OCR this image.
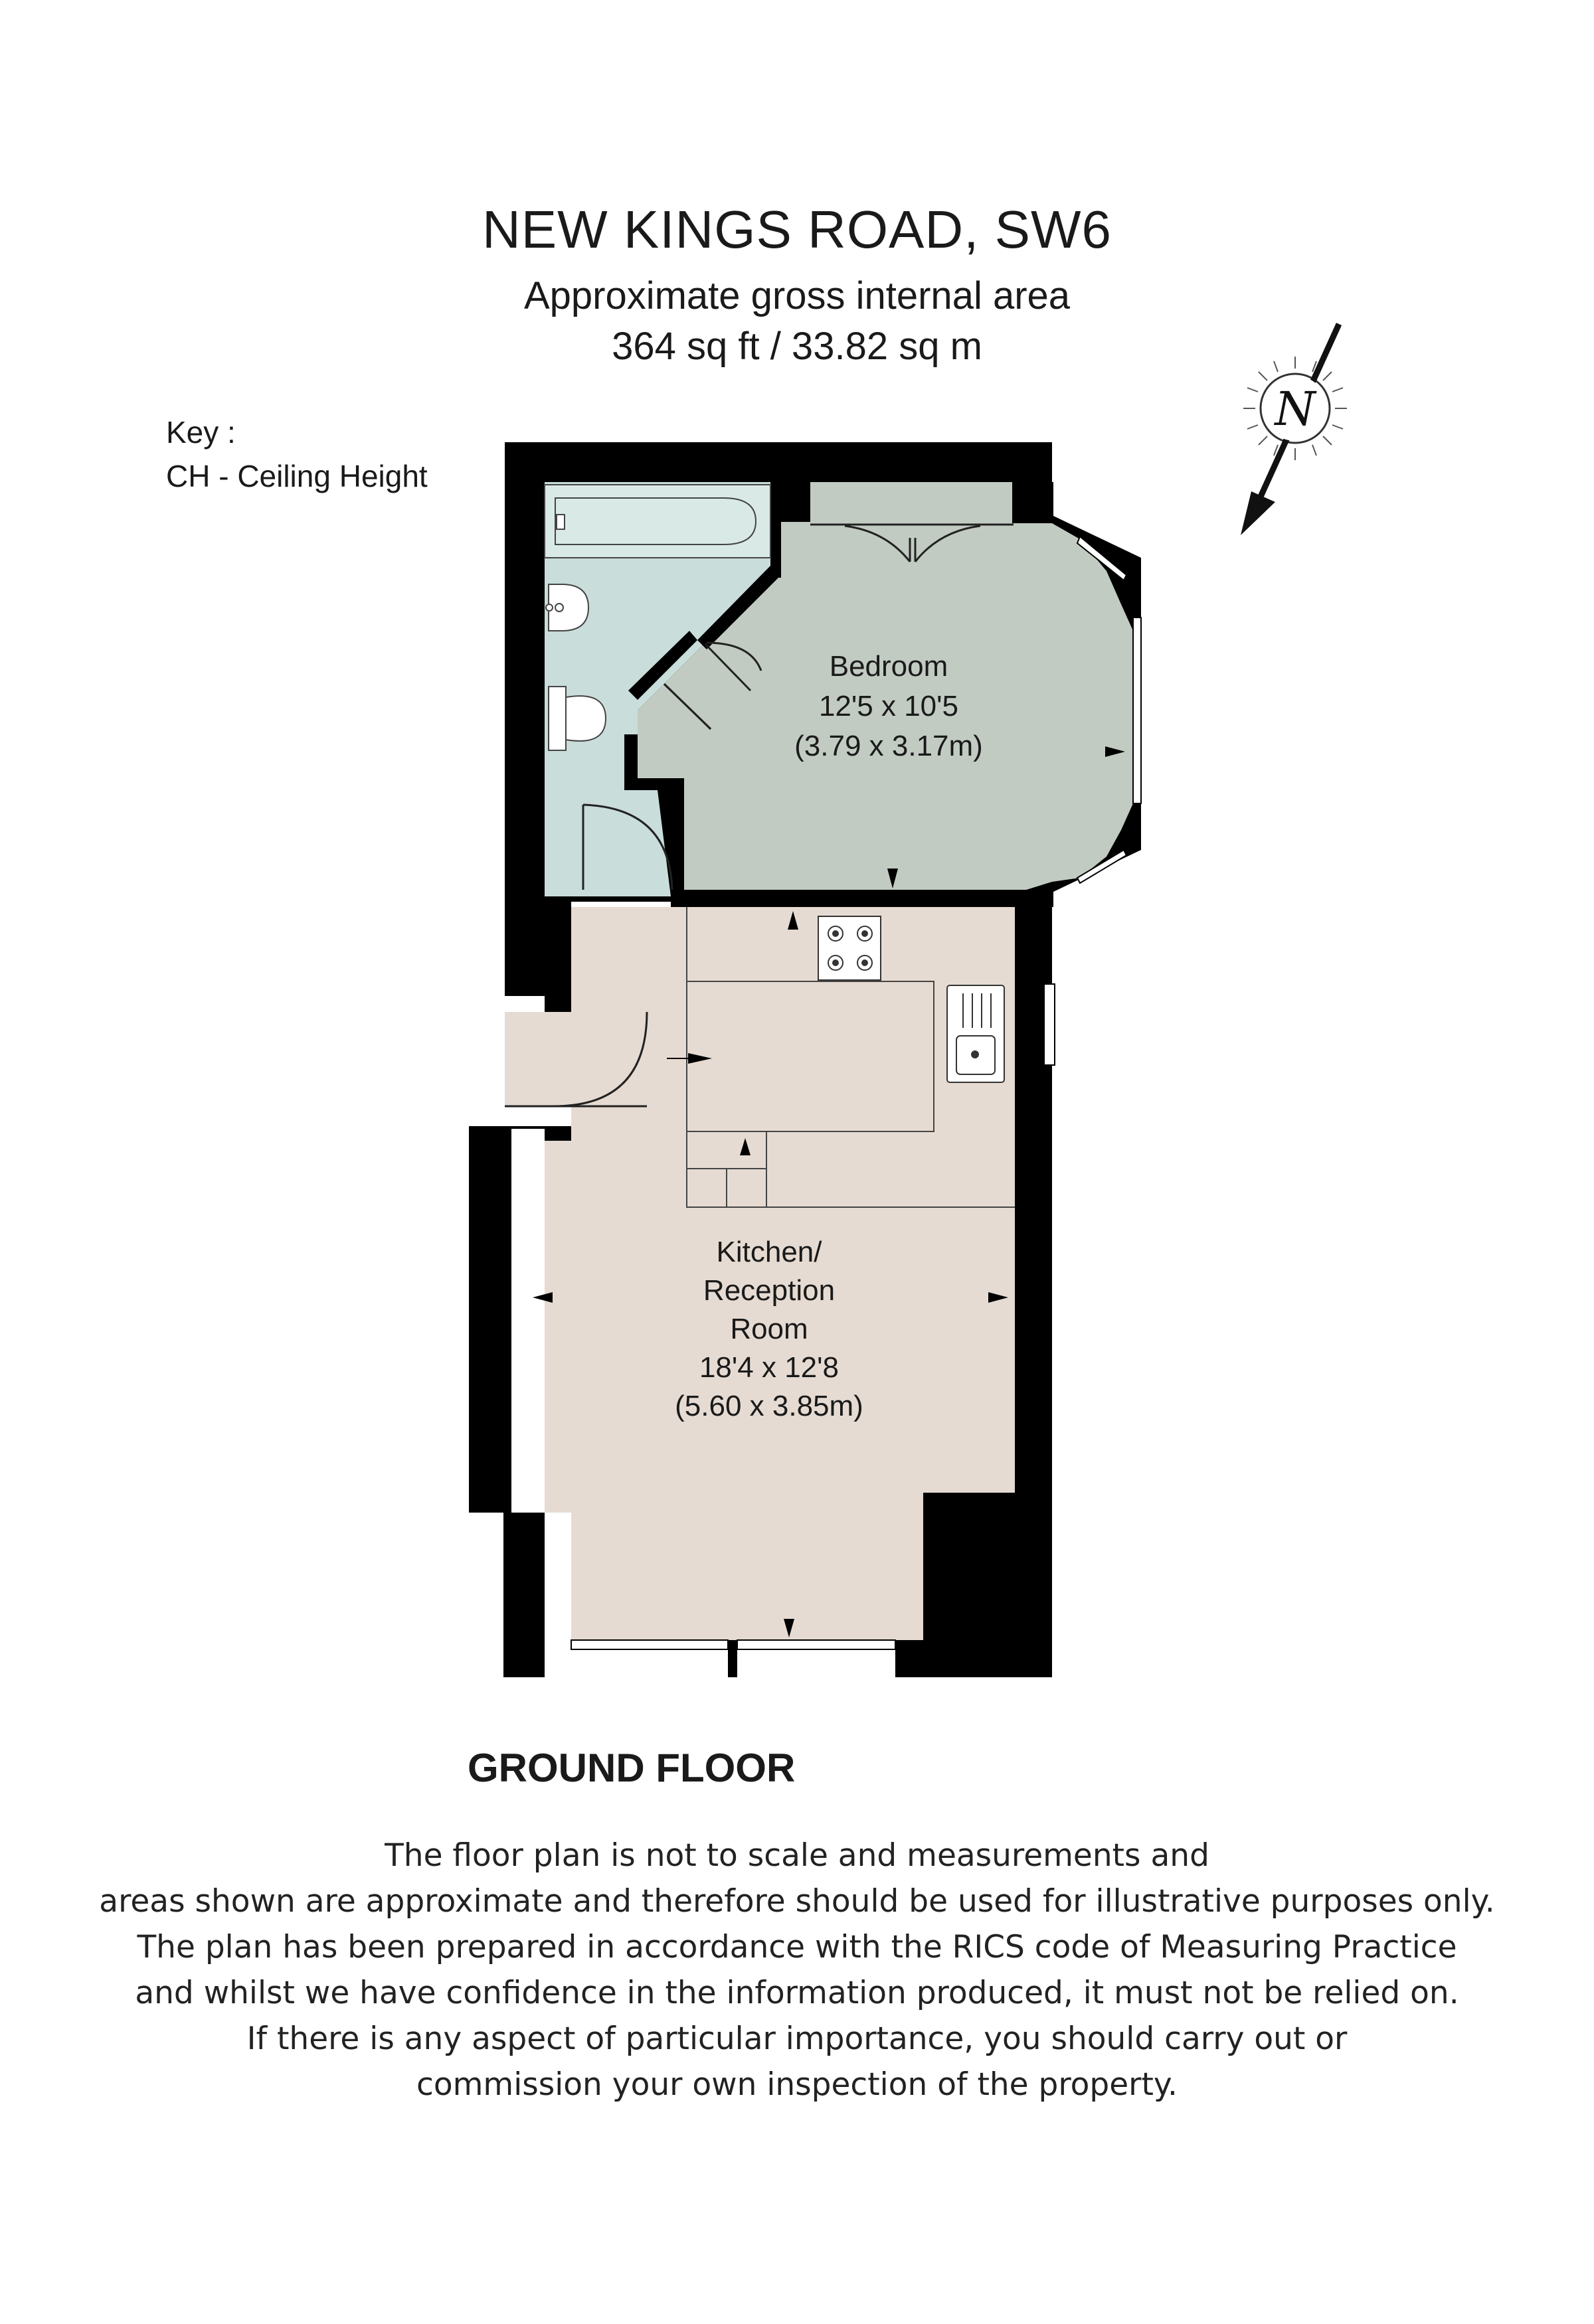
NEW KINGS ROAD, SW6
Approximate gross internal area
364 sq ft / 33.82 sq m
Key :
CH - Ceiling Height
N
Bedroom
12'5 x 10'5
(3.79 x 3.17m)
Kitchen/
Reception
Room
18'4 x 12'8
(5.60 x 3.85m)
GROUND FLOOR
The floor plan is not to scale and measurements and
areas shown are approximate and therefore should be used for illustrative purposes only.
The plan has been prepared in accordance with the RICS code of Measuring Practice
and whilst we have confidence in the information produced, it must not be relied on.
If there is any aspect of particular importance, you should carry out or
commission your own inspection of the property.
